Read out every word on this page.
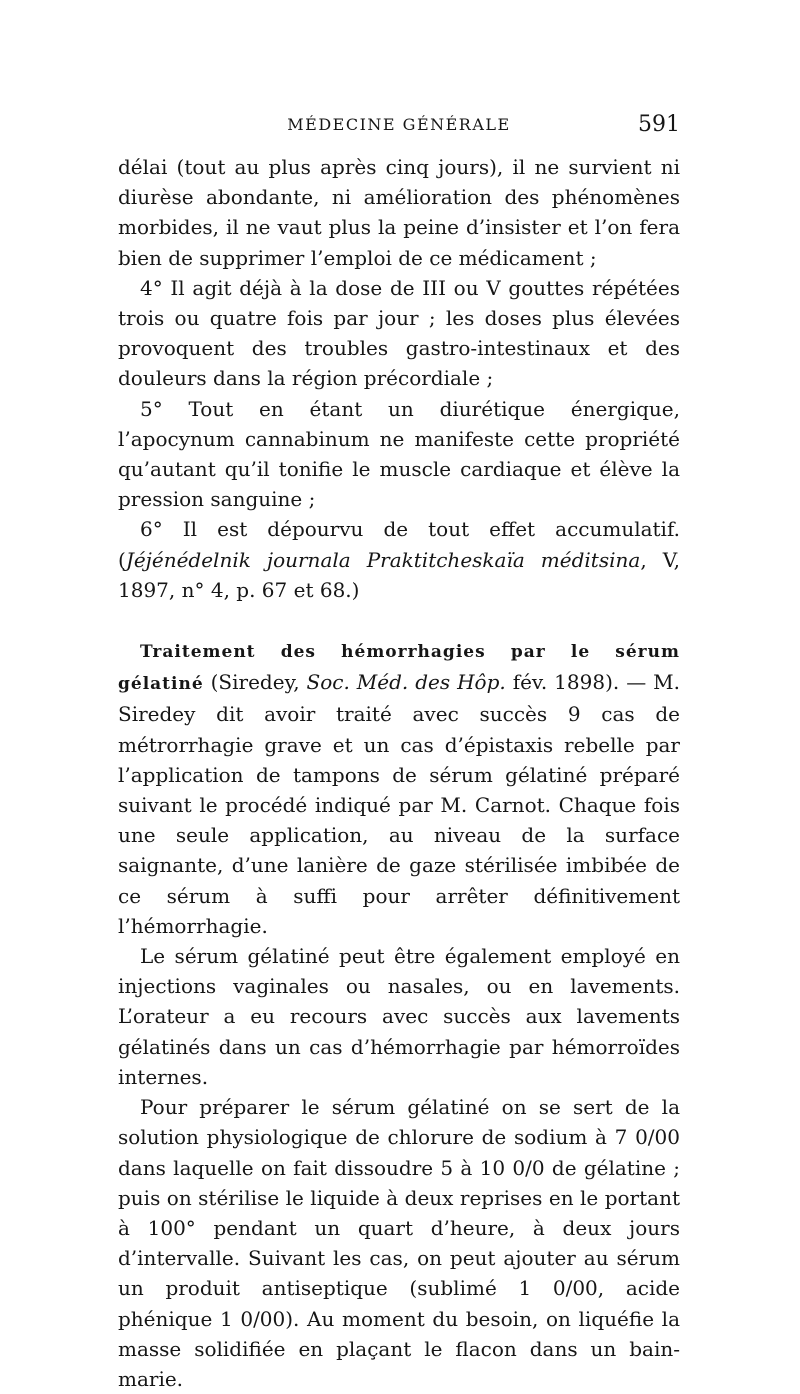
MÉDECINE GÉNÉRALE	591

délai (tout au plus après cinq jours), il ne survient ni diurèse abondante, ni amélioration des phénomènes morbides, il ne vaut plus la peine d’insister et l’on fera bien de supprimer l’emploi de ce médicament ;

4° Il agit déjà à la dose de III ou V gouttes répétées trois ou quatre fois par jour ; les doses plus élevées provoquent des troubles gastro-intestinaux et des douleurs dans la région précordiale ;

5° Tout en étant un diurétique énergique, l’apocynum cannabinum ne manifeste cette propriété qu’autant qu’il tonifie le muscle cardiaque et élève la pression sanguine ;

6° Il est dépourvu de tout effet accumulatif. (Jéjénédelnik journala Praktitcheskaïa méditsina, V, 1897, n° 4, p. 67 et 68.)

Traitement des hémorrhagies par le sérum gélatiné (Siredey, Soc. Méd. des Hôp. fév. 1898). — M. Siredey dit avoir traité avec succès 9 cas de métrorrhagie grave et un cas d’épistaxis rebelle par l’application de tampons de sérum gélatiné préparé suivant le procédé indiqué par M. Carnot. Chaque fois une seule application, au niveau de la surface saignante, d’une lanière de gaze stérilisée imbibée de ce sérum à suffi pour arrêter définitivement l’hémorrhagie.

Le sérum gélatiné peut être également employé en injections vaginales ou nasales, ou en lavements. L’orateur a eu recours avec succès aux lavements gélatinés dans un cas d’hémorrhagie par hémorroïdes internes.

Pour préparer le sérum gélatiné on se sert de la solution physiologique de chlorure de sodium à 7 0/00 dans laquelle on fait dissoudre 5 à 10 0/0 de gélatine ; puis on stérilise le liquide à deux reprises en le portant à 100° pendant un quart d’heure, à deux jours d’intervalle. Suivant les cas, on peut ajouter au sérum un produit antiseptique (sublimé 1 0/00, acide phénique 1 0/00). Au moment du besoin, on liquéfie la masse solidifiée en plaçant le flacon dans un bain-marie.
